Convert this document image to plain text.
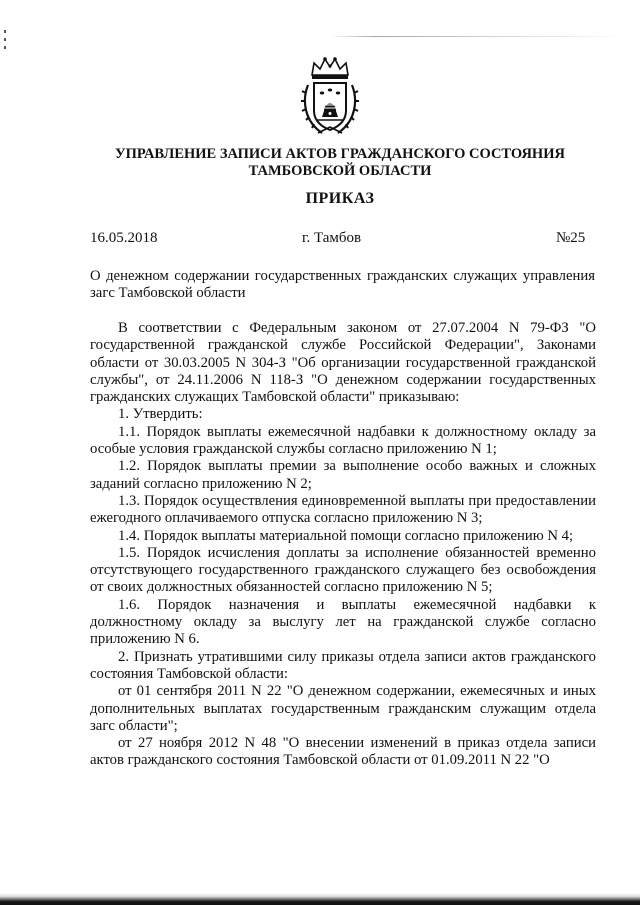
УПРАВЛЕНИЕ ЗАПИСИ АКТОВ ГРАЖДАНСКОГО СОСТОЯНИЯ
ТАМБОВСКОЙ ОБЛАСТИ
ПРИКАЗ
16.05.2018	г. Тамбов	№25
О денежном содержании государственных гражданских служащих управления загс Тамбовской области

В соответствии с Федеральным законом от 27.07.2004 N 79-ФЗ "О государственной гражданской службе Российской Федерации", Законами области от 30.03.2005 N 304-З "Об организации государственной гражданской службы", от 24.11.2006 N 118-З "О денежном содержании государственных гражданских служащих Тамбовской области" приказываю:

1. Утвердить:

1.1. Порядок выплаты ежемесячной надбавки к должностному окладу за особые условия гражданской службы согласно приложению N 1;

1.2. Порядок выплаты премии за выполнение особо важных и сложных заданий согласно приложению N 2;

1.3. Порядок осуществления единовременной выплаты при предоставлении ежегодного оплачиваемого отпуска согласно приложению N 3;

1.4. Порядок выплаты материальной помощи согласно приложению N 4;

1.5. Порядок исчисления доплаты за исполнение обязанностей временно отсутствующего государственного гражданского служащего без освобождения от своих должностных обязанностей согласно приложению N 5;

1.6. Порядок назначения и выплаты ежемесячной надбавки к должностному окладу за выслугу лет на гражданской службе согласно приложению N 6.

2. Признать утратившими силу приказы отдела записи актов гражданского состояния Тамбовской области:

от 01 сентября 2011 N 22 "О денежном содержании, ежемесячных и иных дополнительных выплатах государственным гражданским служащим отдела загс области";

от 27 ноября 2012 N 48 "О внесении изменений в приказ отдела записи актов гражданского состояния Тамбовской области от 01.09.2011 N 22 "О
